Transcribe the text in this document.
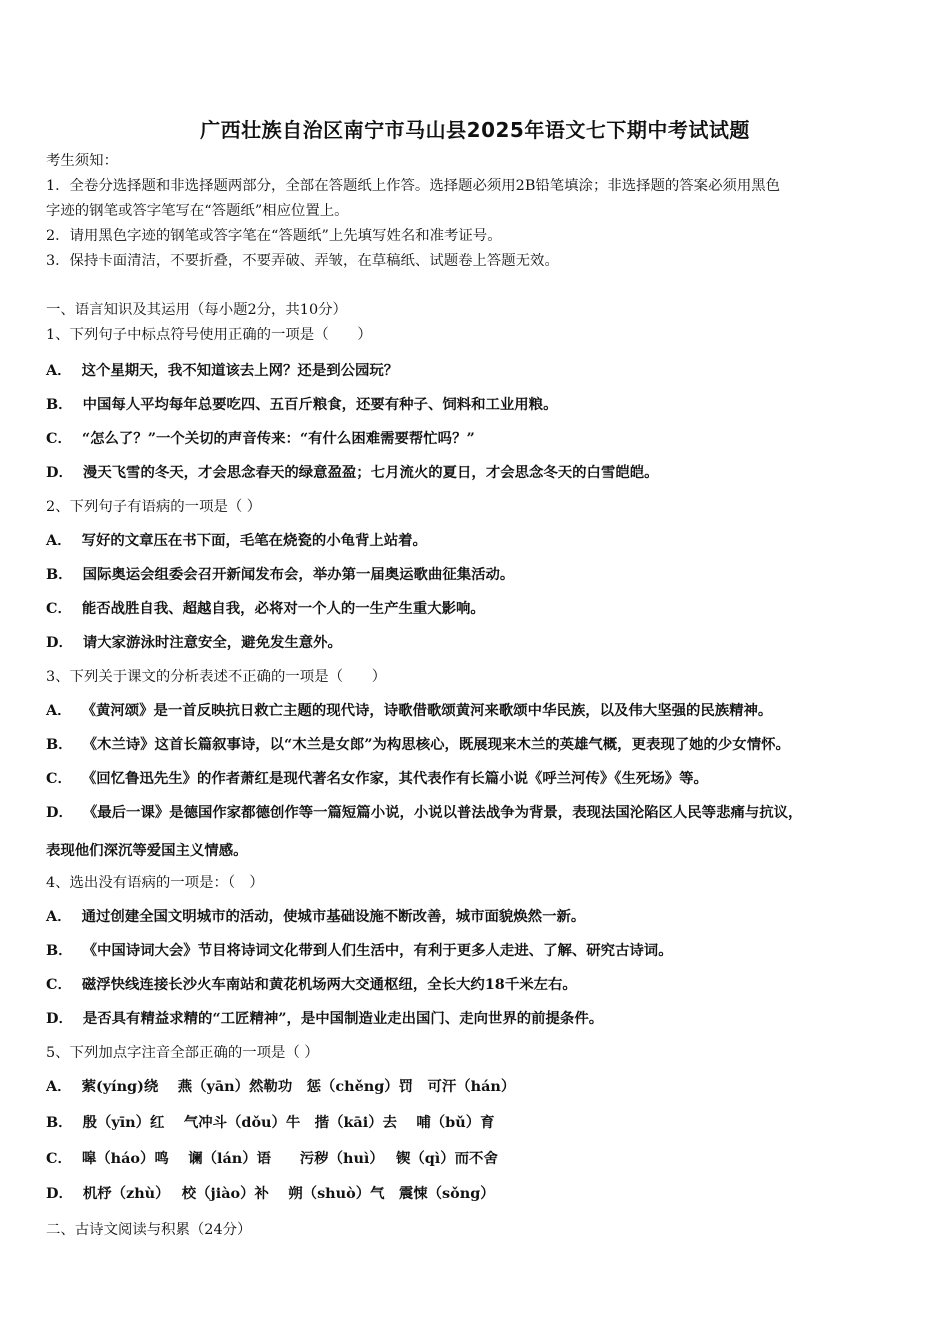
广西壮族自治区南宁市马山县2025年语文七下期中考试试题
考生须知：
1．全卷分选择题和非选择题两部分，全部在答题纸上作答。选择题必须用2B铅笔填涂；非选择题的答案必须用黑色
字迹的钢笔或答字笔写在“答题纸”相应位置上。
2．请用黑色字迹的钢笔或答字笔在“答题纸”上先填写姓名和准考证号。
3．保持卡面清洁，不要折叠，不要弄破、弄皱，在草稿纸、试题卷上答题无效。
一、语言知识及其运用（每小题2分，共10分）
1、下列句子中标点符号使用正确的一项是（　　）
A． 这个星期天，我不知道该去上网？还是到公园玩？
B． 中国每人平均每年总要吃四、五百斤粮食，还要有种子、饲料和工业用粮。
C． “怎么了？”一个关切的声音传来：“有什么困难需要帮忙吗？”
D． 漫天飞雪的冬天，才会思念春天的绿意盈盈；七月流火的夏日，才会思念冬天的白雪皑皑。
2、下列句子有语病的一项是（ ）
A． 写好的文章压在书下面，毛笔在烧瓷的小龟背上站着。
B． 国际奥运会组委会召开新闻发布会，举办第一届奥运歌曲征集活动。
C． 能否战胜自我、超越自我，必将对一个人的一生产生重大影响。
D． 请大家游泳时注意安全，避免发生意外。
3、下列关于课文的分析表述不正确的一项是（　　）
A． 《黄河颂》是一首反映抗日救亡主题的现代诗，诗歌借歌颂黄河来歌颂中华民族，以及伟大坚强的民族精神。
B． 《木兰诗》这首长篇叙事诗，以“木兰是女郎”为构思核心，既展现来木兰的英雄气概，更表现了她的少女情怀。
C． 《回忆鲁迅先生》的作者萧红是现代著名女作家，其代表作有长篇小说《呼兰河传》《生死场》等。
D． 《最后一课》是德国作家都德创作等一篇短篇小说，小说以普法战争为背景，表现法国沦陷区人民等悲痛与抗议，
表现他们深沉等爱国主义情感。
4、选出没有语病的一项是：（　）
A． 通过创建全国文明城市的活动，使城市基础设施不断改善，城市面貌焕然一新。
B． 《中国诗词大会》节目将诗词文化带到人们生活中，有利于更多人走进、了解、研究古诗词。
C． 磁浮快线连接长沙火车南站和黄花机场两大交通枢纽，全长大约18千米左右。
D． 是否具有精益求精的“工匠精神”，是中国制造业走出国门、走向世界的前提条件。
5、下列加点字注音全部正确的一项是（ ）
A． 萦(yíng)绕　 燕（yān）然勒功　惩（chěng）罚　可汗（hán）
B． 殷（yīn）红　 气冲斗（dǒu）牛　揩（kāi）去　 哺（bǔ）育
C． 嗥（háo）鸣　 谰（lán）语　　污秽（huì）　 锲（qì）而不舍
D． 机杼（zhù）　 校（jiào）补　 朔（shuò）气　震悚（sǒng）
二、古诗文阅读与积累（24分）
